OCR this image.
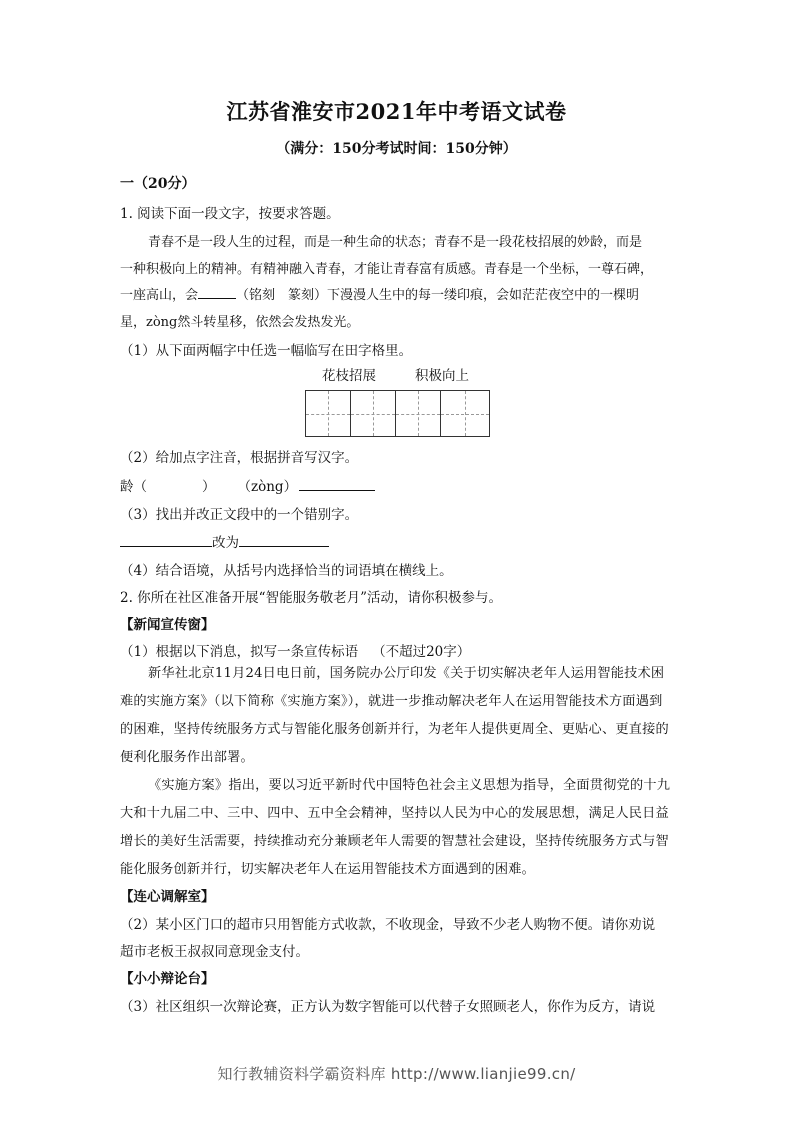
江苏省淮安市2021年中考语文试卷
（满分：150分考试时间：150分钟）
一（20分）
1. 阅读下面一段文字，按要求答题。
青春不是一段人生的过程，而是一种生命的状态；青春不是一段花枝招展的妙龄，而是
一种积极向上的精神。有精神融入青春，才能让青春富有质感。青春是一个坐标，一尊石碑，
一座高山，会	（铭刻　篆刻）下漫漫人生中的每一缕印痕，会如茫茫夜空中的一棵明
星，zòng然斗转星移，依然会发热发光。
（1）从下面两幅字中任选一幅临写在田字格里。
花枝招展	积极向上
（2）给加点字注音，根据拼音写汉字。
龄（	） （zòng）
（3）找出并改正文段中的一个错别字。
改为
（4）结合语境，从括号内选择恰当的词语填在横线上。
2. 你所在社区准备开展“智能服务敬老月”活动，请你积极参与。
【新闻宣传窗】
（1）根据以下消息，拟写一条宣传标语 （不超过20字）
新华社北京11月24日电日前，国务院办公厅印发《关于切实解决老年人运用智能技术困难的实施方案》（以下简称《实施方案》），就进一步推动解决老年人在运用智能技术方面遇到的困难，坚持传统服务方式与智能化服务创新并行，为老年人提供更周全、更贴心、更直接的便利化服务作出部署。
《实施方案》指出，要以习近平新时代中国特色社会主义思想为指导，全面贯彻党的十九大和十九届二中、三中、四中、五中全会精神，坚持以人民为中心的发展思想，满足人民日益增长的美好生活需要，持续推动充分兼顾老年人需要的智慧社会建设，坚持传统服务方式与智能化服务创新并行，切实解决老年人在运用智能技术方面遇到的困难。
【连心调解室】
（2）某小区门口的超市只用智能方式收款，不收现金，导致不少老人购物不便。请你劝说
超市老板王叔叔同意现金支付。
【小小辩论台】
（3）社区组织一次辩论赛，正方认为数字智能可以代替子女照顾老人，你作为反方，请说
知行教辅资料学霸资料库 http://www.lianjie99.cn/
